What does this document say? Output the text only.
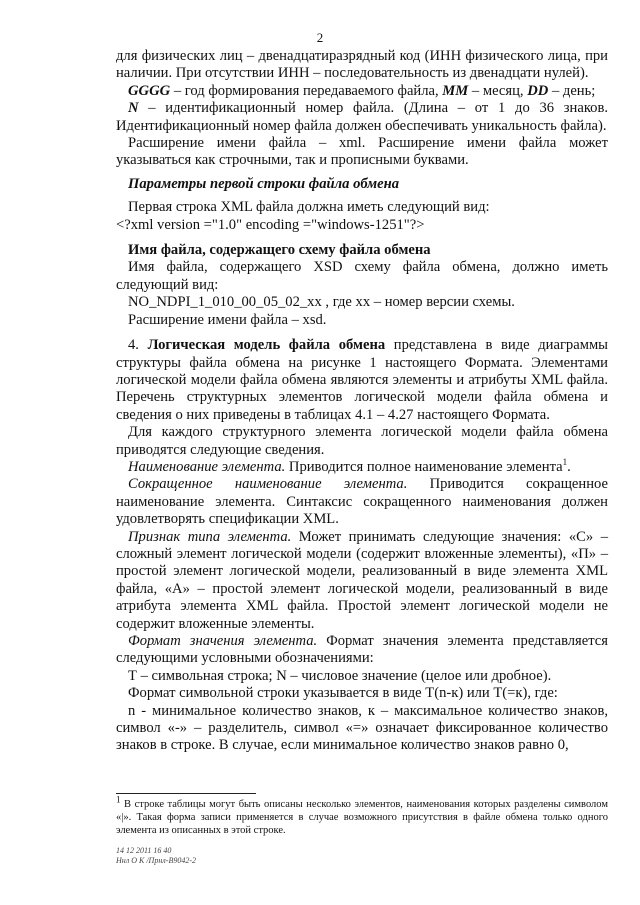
2

для физических лиц – двенадцатиразрядный код (ИНН физического лица, при наличии. При отсутствии ИНН – последовательность из двенадцати нулей).

GGGG – год формирования передаваемого файла, MM – месяц, DD – день;

N – идентификационный номер файла. (Длина – от 1 до 36 знаков. Идентификационный номер файла должен обеспечивать уникальность файла).

Расширение имени файла – xml. Расширение имени файла может указываться как строчными, так и прописными буквами.

Параметры первой строки файла обмена

Первая строка XML файла должна иметь следующий вид:

<?xml version ="1.0" encoding ="windows-1251"?>

Имя файла, содержащего схему файла обмена

Имя файла, содержащего XSD схему файла обмена, должно иметь следующий вид:

NO_NDPI_1_010_00_05_02_xx , где хх – номер версии схемы.

Расширение имени файла – xsd.

4. Логическая модель файла обмена представлена в виде диаграммы структуры файла обмена на рисунке 1 настоящего Формата. Элементами логической модели файла обмена являются элементы и атрибуты XML файла. Перечень структурных элементов логической модели файла обмена и сведения о них приведены в таблицах 4.1 – 4.27 настоящего Формата.

Для каждого структурного элемента логической модели файла обмена приводятся следующие сведения.

Наименование элемента. Приводится полное наименование элемента$^1$.

Сокращенное наименование элемента. Приводится сокращенное наименование элемента. Синтаксис сокращенного наименования должен удовлетворять спецификации XML.

Признак типа элемента. Может принимать следующие значения: «С» – сложный элемент логической модели (содержит вложенные элементы), «П» – простой элемент логической модели, реализованный в виде элемента XML файла, «А» – простой элемент логической модели, реализованный в виде атрибута элемента XML файла. Простой элемент логической модели не содержит вложенные элементы.

Формат значения элемента. Формат значения элемента представляется следующими условными обозначениями:

Т – символьная строка; N – числовое значение (целое или дробное).

Формат символьной строки указывается в виде Т(n-к) или Т(=к), где:

n - минимальное количество знаков, к – максимальное количество знаков, символ «-» – разделитель, символ «=» означает фиксированное количество знаков в строке. В случае, если минимальное количество знаков равно 0,

$^1$ В строке таблицы могут быть описаны несколько элементов, наименования которых разделены символом «|». Такая форма записи применяется в случае возможного присутствия в файле обмена только одного элемента из описанных в этой строке.

14 12 2011 16 40
Ннл О К /Прнл-В9042-2
